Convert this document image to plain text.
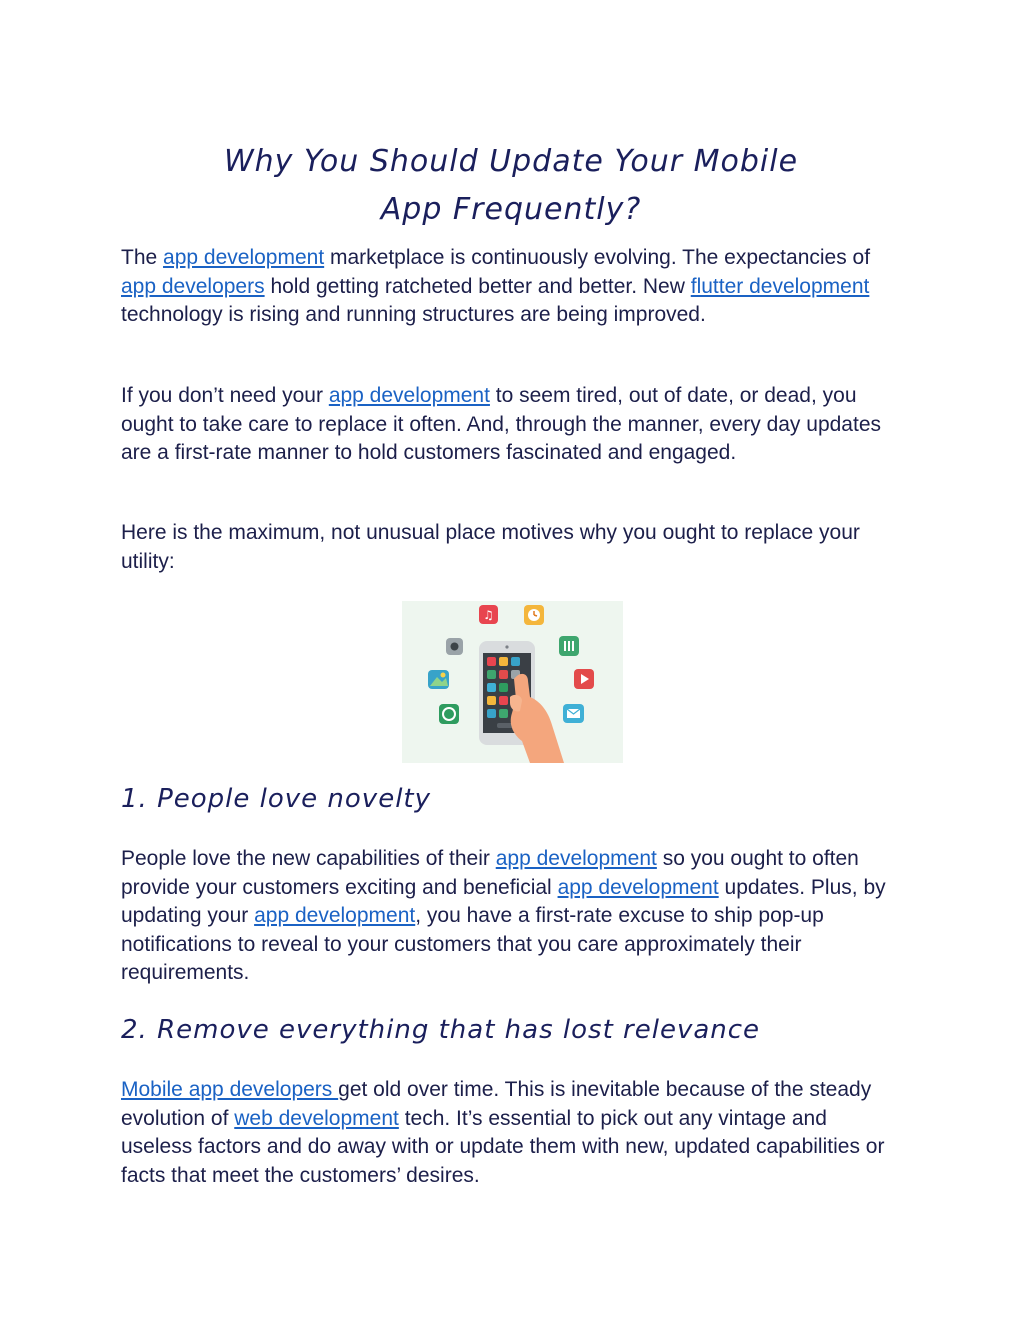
Why You Should Update Your Mobile
App Frequently?

The app development marketplace is continuously evolving. The expectancies of app developers hold getting ratcheted better and better. New flutter development technology is rising and running structures are being improved.

If you don’t need your app development to seem tired, out of date, or dead, you ought to take care to replace it often. And, through the manner, every day updates are a first-rate manner to hold customers fascinated and engaged.

Here is the maximum, not unusual place motives why you ought to replace your utility:

1. People love novelty

People love the new capabilities of their app development so you ought to often provide your customers exciting and beneficial app development updates. Plus, by updating your app development, you have a first-rate excuse to ship pop-up notifications to reveal to your customers that you care approximately their requirements.

2. Remove everything that has lost relevance

Mobile app developers get old over time. This is inevitable because of the steady evolution of web development tech. It’s essential to pick out any vintage and useless factors and do away with or update them with new, updated capabilities or facts that meet the customers’ desires.

♫
